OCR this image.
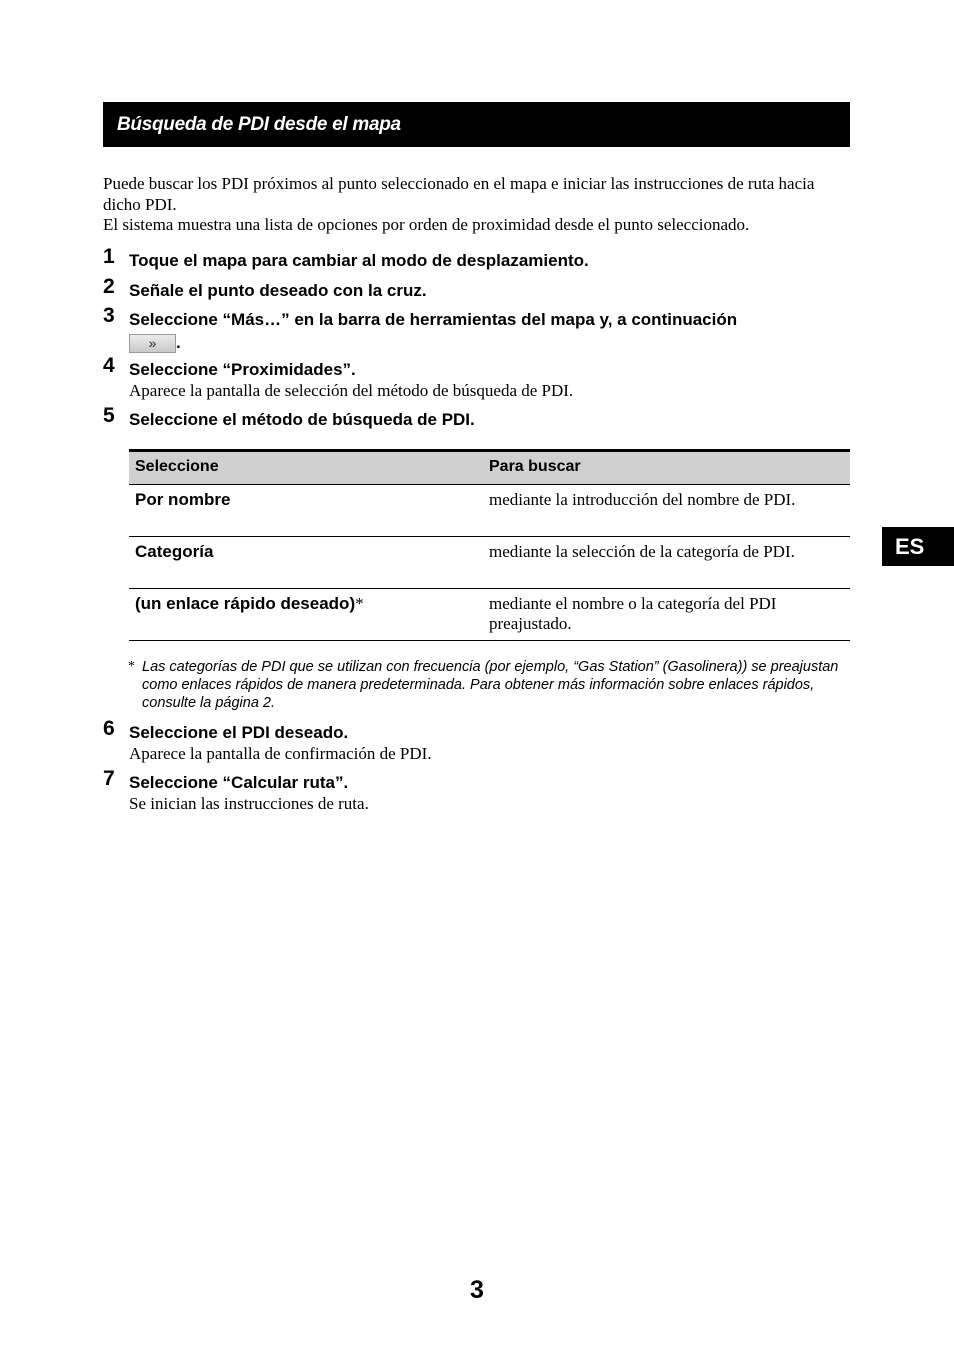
Búsqueda de PDI desde el mapa

Puede buscar los PDI próximos al punto seleccionado en el mapa e iniciar las instrucciones de ruta hacia dicho PDI.

El sistema muestra una lista de opciones por orden de proximidad desde el punto seleccionado.

1 Toque el mapa para cambiar al modo de desplazamiento.
2 Señale el punto deseado con la cruz.
3 Seleccione “Más…” en la barra de herramientas del mapa y, a continuación
» .
4 Seleccione “Proximidades”.
Aparece la pantalla de selección del método de búsqueda de PDI.
5 Seleccione el método de búsqueda de PDI.
Seleccione	Para buscar
Por nombre	mediante la introducción del nombre de PDI.
Categoría	mediante la selección de la categoría de PDI.
(un enlace rápido deseado)*	mediante el nombre o la categoría del PDI preajustado.
* Las categorías de PDI que se utilizan con frecuencia (por ejemplo, “Gas Station” (Gasolinera)) se preajustan como enlaces rápidos de manera predeterminada. Para obtener más información sobre enlaces rápidos, consulte la página 2.
6 Seleccione el PDI deseado.
Aparece la pantalla de confirmación de PDI.
7 Seleccione “Calcular ruta”.
Se inician las instrucciones de ruta.
ES
3
